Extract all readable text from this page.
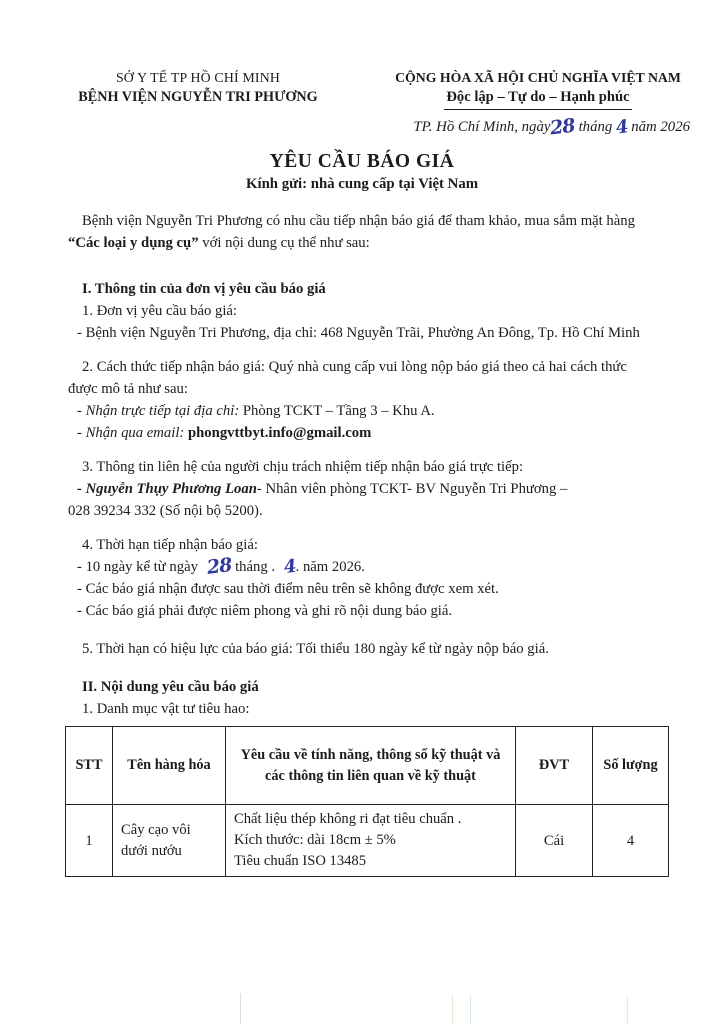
SỞ Y TẾ TP HỒ CHÍ MINH
BỆNH VIỆN NGUYỄN TRI PHƯƠNG
CỘNG HÒA XÃ HỘI CHỦ NGHĨA VIỆT NAM
Độc lập – Tự do – Hạnh phúc
TP. Hồ Chí Minh, ngày28 tháng 4 năm 2026
YÊU CẦU BÁO GIÁ
Kính gửi: nhà cung cấp tại Việt Nam

Bệnh viện Nguyễn Tri Phương có nhu cầu tiếp nhận báo giá để tham khảo, mua sắm mặt hàng “Các loại y dụng cụ” với nội dung cụ thể như sau:

I. Thông tin của đơn vị yêu cầu báo giá

1. Đơn vị yêu cầu báo giá:

- Bệnh viện Nguyễn Tri Phương, địa chỉ: 468 Nguyễn Trãi, Phường An Đông, Tp. Hồ Chí Minh

2. Cách thức tiếp nhận báo giá: Quý nhà cung cấp vui lòng nộp báo giá theo cả hai cách thức được mô tả như sau:

- Nhận trực tiếp tại địa chỉ: Phòng TCKT – Tầng 3 – Khu A.

- Nhận qua email: phongvttbyt.info@gmail.com

3. Thông tin liên hệ của người chịu trách nhiệm tiếp nhận báo giá trực tiếp:

- Nguyễn Thụy Phương Loan- Nhân viên phòng TCKT- BV Nguyễn Tri Phương –

028 39234 332 (Số nội bộ 5200).

4. Thời hạn tiếp nhận báo giá:

- 10 ngày kể từ ngày 28 tháng . 4. năm 2026.

- Các báo giá nhận được sau thời điểm nêu trên sẽ không được xem xét.

- Các báo giá phải được niêm phong và ghi rõ nội dung báo giá.

5. Thời hạn có hiệu lực của báo giá: Tối thiểu 180 ngày kể từ ngày nộp báo giá.

II. Nội dung yêu cầu báo giá

1. Danh mục vật tư tiêu hao:

STT	Tên hàng hóa	Yêu cầu về tính năng, thông số kỹ thuật và các thông tin liên quan về kỹ thuật	ĐVT	Số lượng
1	Cây cạo vôi dưới nướu	Chất liệu thép không ri đạt tiêu chuẩn .
Kích thước: dài 18cm ± 5%
Tiêu chuẩn ISO 13485	Cái	4
